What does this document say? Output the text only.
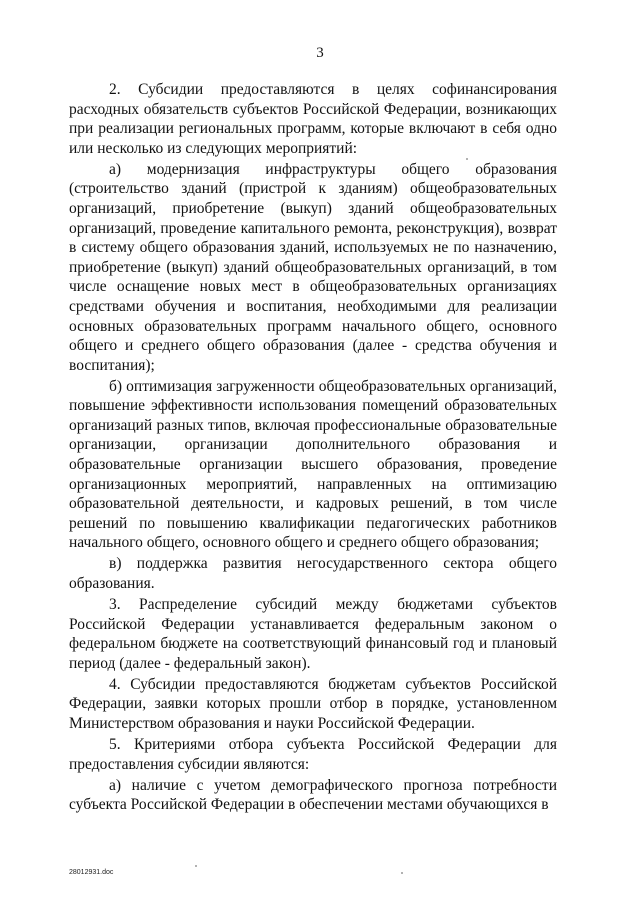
3

2. Субсидии предоставляются в целях софинансирования расходных обязательств субъектов Российской Федерации, возникающих при реализации региональных программ, которые включают в себя одно или несколько из следующих мероприятий:

а) модернизация инфраструктуры общего образования (строительство зданий (пристрой к зданиям) общеобразовательных организаций, приобретение (выкуп) зданий общеобразовательных организаций, проведение капитального ремонта, реконструкция), возврат в систему общего образования зданий, используемых не по назначению, приобретение (выкуп) зданий общеобразовательных организаций, в том числе оснащение новых мест в общеобразовательных организациях средствами обучения и воспитания, необходимыми для реализации основных образовательных программ начального общего, основного общего и среднего общего образования (далее - средства обучения и воспитания);

б) оптимизация загруженности общеобразовательных организаций, повышение эффективности использования помещений образовательных организаций разных типов, включая профессиональные образовательные организации, организации дополнительного образования и образовательные организации высшего образования, проведение организационных мероприятий, направленных на оптимизацию образовательной деятельности, и кадровых решений, в том числе решений по повышению квалификации педагогических работников начального общего, основного общего и среднего общего образования;

в) поддержка развития негосударственного сектора общего образования.

3. Распределение субсидий между бюджетами субъектов Российской Федерации устанавливается федеральным законом о федеральном бюджете на соответствующий финансовый год и плановый период (далее - федеральный закон).

4. Субсидии предоставляются бюджетам субъектов Российской Федерации, заявки которых прошли отбор в порядке, установленном Министерством образования и науки Российской Федерации.

5. Критериями отбора субъекта Российской Федерации для предоставления субсидии являются:

а) наличие с учетом демографического прогноза потребности субъекта Российской Федерации в обеспечении местами обучающихся в

28012931.doc
